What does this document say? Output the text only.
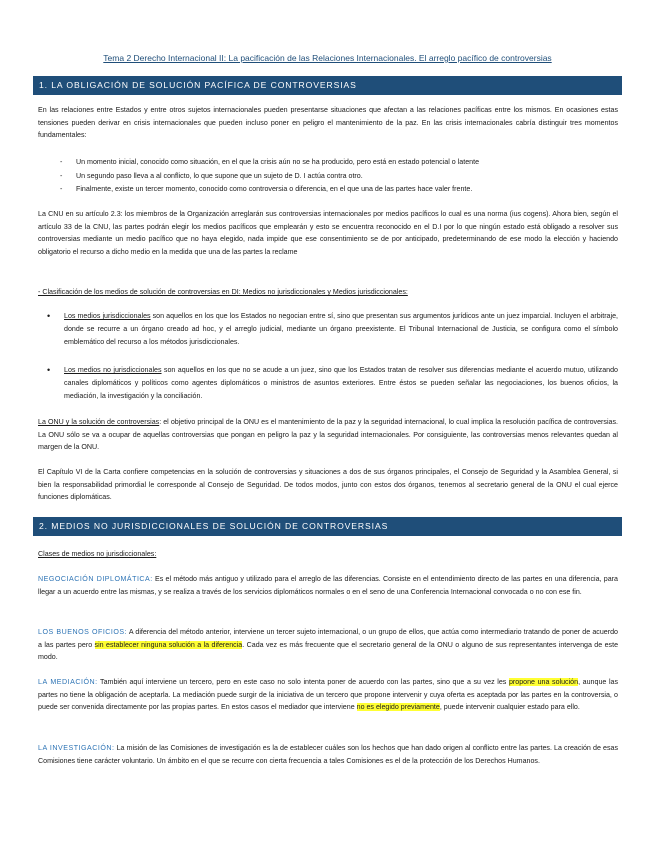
Tema 2 Derecho Internacional II: La pacificación de las Relaciones Internacionales. El arreglo pacífico de controversias
1. LA OBLIGACIÓN DE SOLUCIÓN PACÍFICA DE CONTROVERSIAS

En las relaciones entre Estados y entre otros sujetos internacionales pueden presentarse situaciones que afectan a las relaciones pacíficas entre los mismos. En ocasiones estas tensiones pueden derivar en crisis internacionales que pueden incluso poner en peligro el mantenimiento de la paz. En las crisis internacionales cabría distinguir tres momentos fundamentales:

- Un momento inicial, conocido como situación, en el que la crisis aún no se ha producido, pero está en estado potencial o latente
- Un segundo paso lleva a al conflicto, lo que supone que un sujeto de D. I actúa contra otro.
- Finalmente, existe un tercer momento, conocido como controversia o diferencia, en el que una de las partes hace valer frente.

La CNU en su artículo 2.3: los miembros de la Organización arreglarán sus controversias internacionales por medios pacíficos lo cual es una norma (ius cogens). Ahora bien, según el artículo 33 de la CNU, las partes podrán elegir los medios pacíficos que emplearán y esto se encuentra reconocido en el D.I por lo que ningún estado está obligado a resolver sus controversias mediante un medio pacífico que no haya elegido, nada impide que ese consentimiento se de por anticipado, predeterminando de ese modo la elección y haciendo obligatorio el recurso a dicho medio en la medida que una de las partes la reclame

- Clasificación de los medios de solución de controversias en DI: Medios no jurisdiccionales y Medios jurisdiccionales:

• Los medios jurisdiccionales son aquellos en los que los Estados no negocian entre sí, sino que presentan sus argumentos jurídicos ante un juez imparcial. Incluyen el arbitraje, donde se recurre a un órgano creado ad hoc, y el arreglo judicial, mediante un órgano preexistente. El Tribunal Internacional de Justicia, se configura como el símbolo emblemático del recurso a los métodos jurisdiccionales.
• Los medios no jurisdiccionales son aquellos en los que no se acude a un juez, sino que los Estados tratan de resolver sus diferencias mediante el acuerdo mutuo, utilizando canales diplomáticos y políticos como agentes diplomáticos o ministros de asuntos exteriores. Entre éstos se pueden señalar las negociaciones, los buenos oficios, la mediación, la investigación y la conciliación.

La ONU y la solución de controversias: el objetivo principal de la ONU es el mantenimiento de la paz y la seguridad internacional, lo cual implica la resolución pacífica de controversias. La ONU sólo se va a ocupar de aquellas controversias que pongan en peligro la paz y la seguridad internacionales. Por consiguiente, las controversias menos relevantes quedan al margen de la ONU.

El Capítulo VI de la Carta confiere competencias en la solución de controversias y situaciones a dos de sus órganos principales, el Consejo de Seguridad y la Asamblea General, si bien la responsabilidad primordial le corresponde al Consejo de Seguridad. De todos modos, junto con estos dos órganos, tenemos al secretario general de la ONU el cual ejerce funciones diplomáticas.

2. MEDIOS NO JURISDICCIONALES DE SOLUCIÓN DE CONTROVERSIAS

Clases de medios no jurisdiccionales:

NEGOCIACIÓN DIPLOMÁTICA: Es el método más antiguo y utilizado para el arreglo de las diferencias. Consiste en el entendimiento directo de las partes en una diferencia, para llegar a un acuerdo entre las mismas, y se realiza a través de los servicios diplomáticos normales o en el seno de una Conferencia Internacional convocada o no con ese fin.

LOS BUENOS OFICIOS: A diferencia del método anterior, interviene un tercer sujeto internacional, o un grupo de ellos, que actúa como intermediario tratando de poner de acuerdo a las partes pero sin establecer ninguna solución a la diferencia. Cada vez es más frecuente que el secretario general de la ONU o alguno de sus representantes intervenga de este modo.

LA MEDIACIÓN: También aquí interviene un tercero, pero en este caso no solo intenta poner de acuerdo con las partes, sino que a su vez les propone una solución, aunque las partes no tiene la obligación de aceptarla. La mediación puede surgir de la iniciativa de un tercero que propone intervenir y cuya oferta es aceptada por las partes en la controversia, o puede ser convenida directamente por las propias partes. En estos casos el mediador que interviene no es elegido previamente, puede intervenir cualquier estado para ello.

LA INVESTIGACIÓN: La misión de las Comisiones de investigación es la de establecer cuáles son los hechos que han dado origen al conflicto entre las partes. La creación de esas Comisiones tiene carácter voluntario. Un ámbito en el que se recurre con cierta frecuencia a tales Comisiones es el de la protección de los Derechos Humanos.
